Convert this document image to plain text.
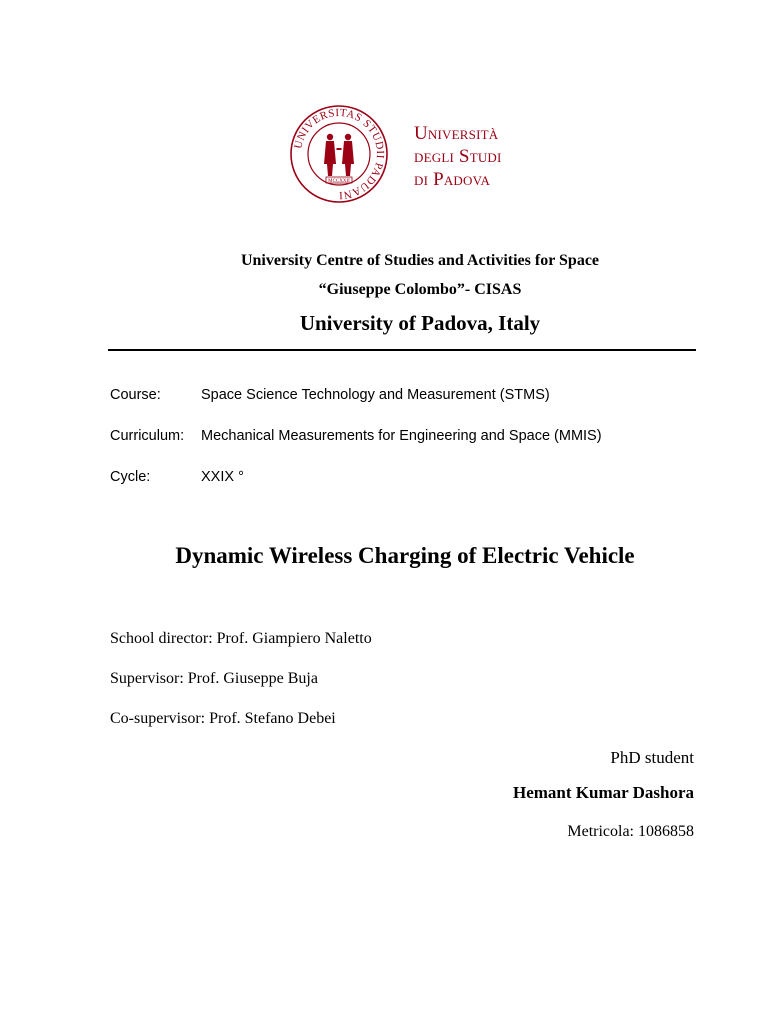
UNIVERSITAS STUDII PADUANI
MCCXXII
Università
degli Studi
di Padova
University Centre of Studies and Activities for Space
“Giuseppe Colombo”- CISAS
University of Padova, Italy
Course:	Space Science Technology and Measurement (STMS)
Curriculum: Mechanical Measurements for Engineering and Space (MMIS)
Cycle:	XXIX °
Dynamic Wireless Charging of Electric Vehicle
School director: Prof. Giampiero Naletto
Supervisor: Prof. Giuseppe Buja
Co-supervisor: Prof. Stefano Debei
PhD student
Hemant Kumar Dashora
Metricola: 1086858
